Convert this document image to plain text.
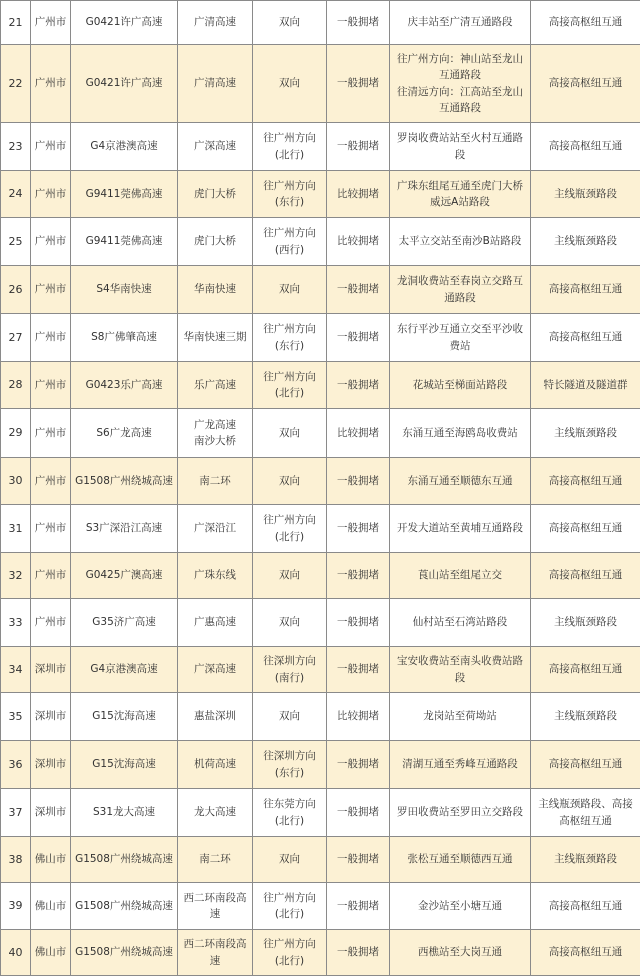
21	广州市	G0421许广高速	广清高速	双向	一般拥堵	庆丰站至广清互通路段	高接高枢纽互通
22	广州市	G0421许广高速	广清高速	双向	一般拥堵	往广州方向：神山站至龙山互通路段
往清远方向：江高站至龙山互通路段	高接高枢纽互通
23	广州市	G4京港澳高速	广深高速	往广州方向
(北行)	一般拥堵	罗岗收费站站至火村互通路段	高接高枢纽互通
24	广州市	G9411莞佛高速	虎门大桥	往广州方向
(东行)	比较拥堵	广珠东组尾互通至虎门大桥威远A站路段	主线瓶颈路段
25	广州市	G9411莞佛高速	虎门大桥	往广州方向
(西行)	比较拥堵	太平立交站至南沙B站路段	主线瓶颈路段
26	广州市	S4华南快速	华南快速	双向	一般拥堵	龙洞收费站至春岗立交路互通路段	高接高枢纽互通
27	广州市	S8广佛肇高速	华南快速三期	往广州方向
(东行)	一般拥堵	东行平沙互通立交至平沙收费站	高接高枢纽互通
28	广州市	G0423乐广高速	乐广高速	往广州方向
(北行)	一般拥堵	花城站至梯面站路段	特长隧道及隧道群
29	广州市	S6广龙高速	广龙高速
南沙大桥	双向	比较拥堵	东涌互通至海鸥岛收费站	主线瓶颈路段
30	广州市	G1508广州绕城高速	南二环	双向	一般拥堵	东涌互通至顺德东互通	高接高枢纽互通
31	广州市	S3广深沿江高速	广深沿江	往广州方向
(北行)	一般拥堵	开发大道站至黄埔互通路段	高接高枢纽互通
32	广州市	G0425广澳高速	广珠东线	双向	一般拥堵	莨山站至组尾立交	高接高枢纽互通
33	广州市	G35济广高速	广惠高速	双向	一般拥堵	仙村站至石湾站路段	主线瓶颈路段
34	深圳市	G4京港澳高速	广深高速	往深圳方向
(南行)	一般拥堵	宝安收费站至南头收费站路段	高接高枢纽互通
35	深圳市	G15沈海高速	惠盐深圳	双向	比较拥堵	龙岗站至荷坳站	主线瓶颈路段
36	深圳市	G15沈海高速	机荷高速	往深圳方向
(东行)	一般拥堵	清湖互通至秀峰互通路段	高接高枢纽互通
37	深圳市	S31龙大高速	龙大高速	往东莞方向
(北行)	一般拥堵	罗田收费站至罗田立交路段	主线瓶颈路段、高接高枢纽互通
38	佛山市	G1508广州绕城高速	南二环	双向	一般拥堵	张松互通至顺德西互通	主线瓶颈路段
39	佛山市	G1508广州绕城高速	西二环南段高速	往广州方向
(北行)	一般拥堵	金沙站至小塘互通	高接高枢纽互通
40	佛山市	G1508广州绕城高速	西二环南段高速	往广州方向
(北行)	一般拥堵	西樵站至大岗互通	高接高枢纽互通
